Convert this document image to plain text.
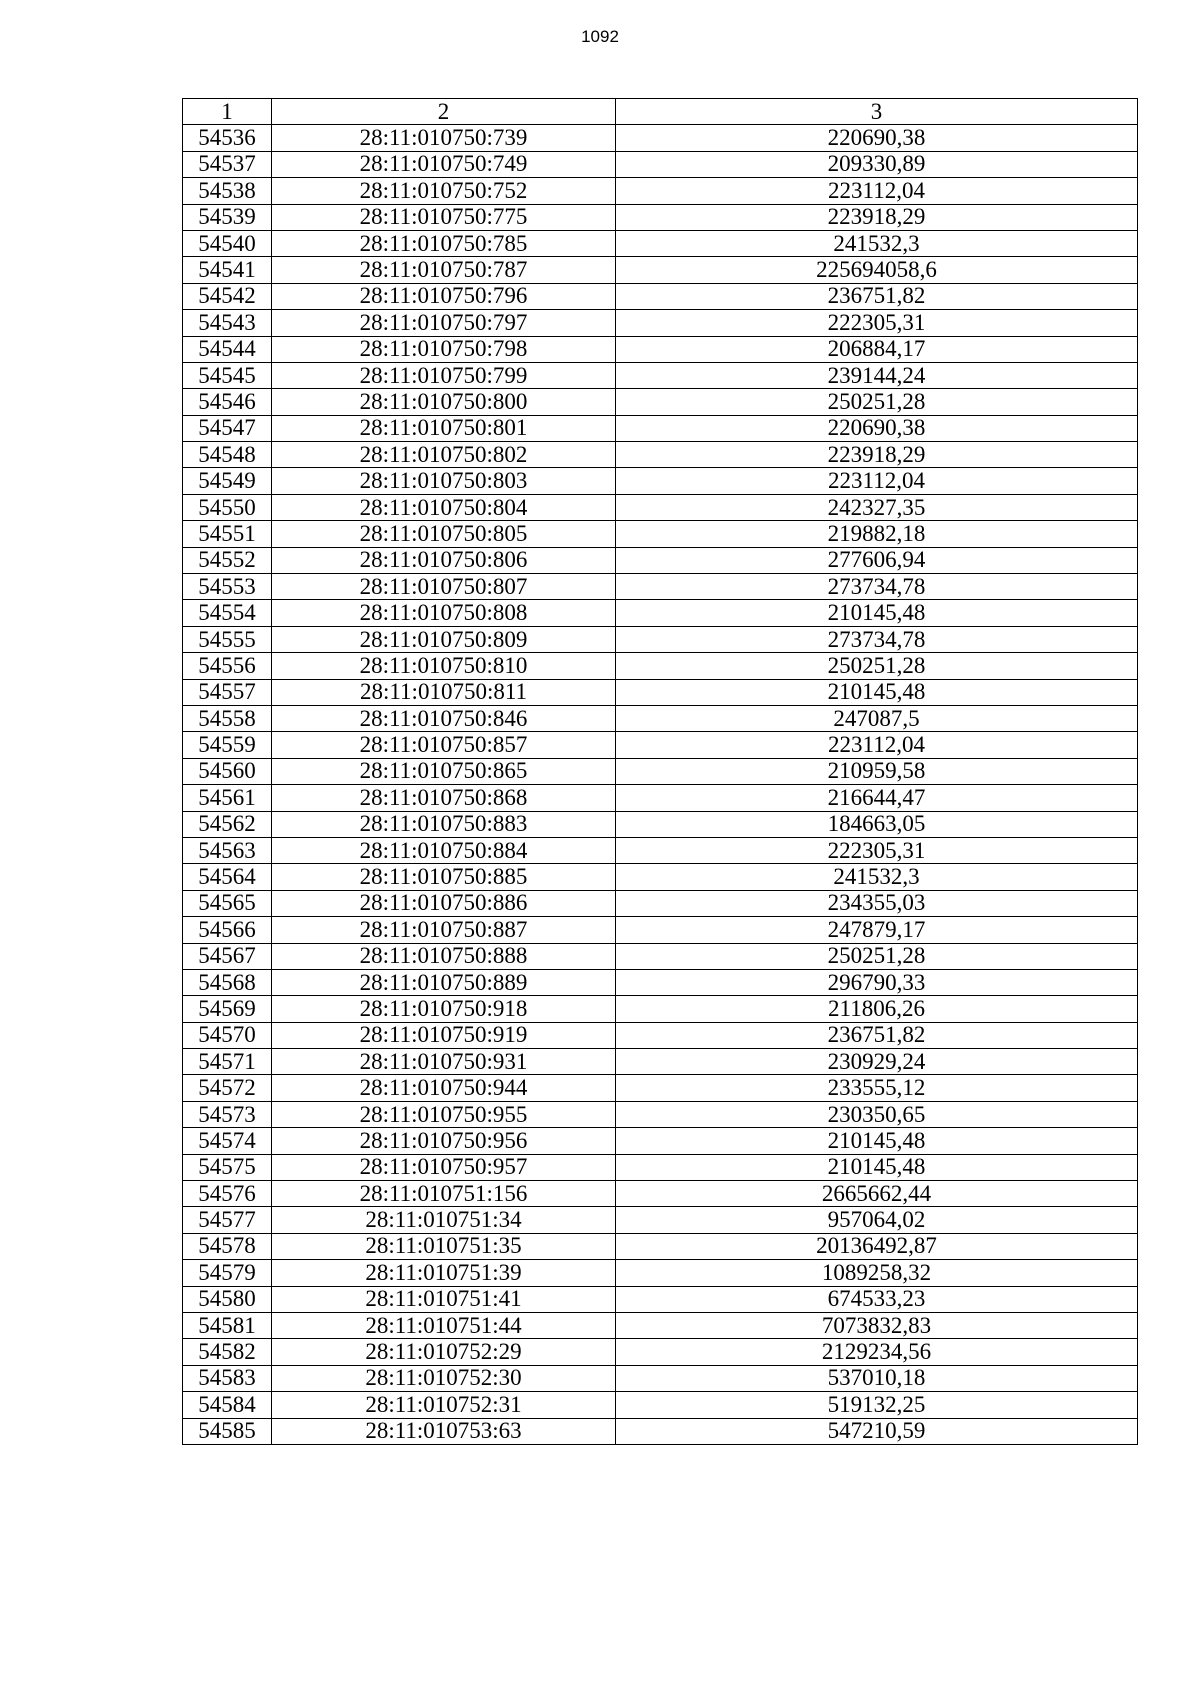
1092
1	2	3
54536	28:11:010750:739	220690,38
54537	28:11:010750:749	209330,89
54538	28:11:010750:752	223112,04
54539	28:11:010750:775	223918,29
54540	28:11:010750:785	241532,3
54541	28:11:010750:787	225694058,6
54542	28:11:010750:796	236751,82
54543	28:11:010750:797	222305,31
54544	28:11:010750:798	206884,17
54545	28:11:010750:799	239144,24
54546	28:11:010750:800	250251,28
54547	28:11:010750:801	220690,38
54548	28:11:010750:802	223918,29
54549	28:11:010750:803	223112,04
54550	28:11:010750:804	242327,35
54551	28:11:010750:805	219882,18
54552	28:11:010750:806	277606,94
54553	28:11:010750:807	273734,78
54554	28:11:010750:808	210145,48
54555	28:11:010750:809	273734,78
54556	28:11:010750:810	250251,28
54557	28:11:010750:811	210145,48
54558	28:11:010750:846	247087,5
54559	28:11:010750:857	223112,04
54560	28:11:010750:865	210959,58
54561	28:11:010750:868	216644,47
54562	28:11:010750:883	184663,05
54563	28:11:010750:884	222305,31
54564	28:11:010750:885	241532,3
54565	28:11:010750:886	234355,03
54566	28:11:010750:887	247879,17
54567	28:11:010750:888	250251,28
54568	28:11:010750:889	296790,33
54569	28:11:010750:918	211806,26
54570	28:11:010750:919	236751,82
54571	28:11:010750:931	230929,24
54572	28:11:010750:944	233555,12
54573	28:11:010750:955	230350,65
54574	28:11:010750:956	210145,48
54575	28:11:010750:957	210145,48
54576	28:11:010751:156	2665662,44
54577	28:11:010751:34	957064,02
54578	28:11:010751:35	20136492,87
54579	28:11:010751:39	1089258,32
54580	28:11:010751:41	674533,23
54581	28:11:010751:44	7073832,83
54582	28:11:010752:29	2129234,56
54583	28:11:010752:30	537010,18
54584	28:11:010752:31	519132,25
54585	28:11:010753:63	547210,59
